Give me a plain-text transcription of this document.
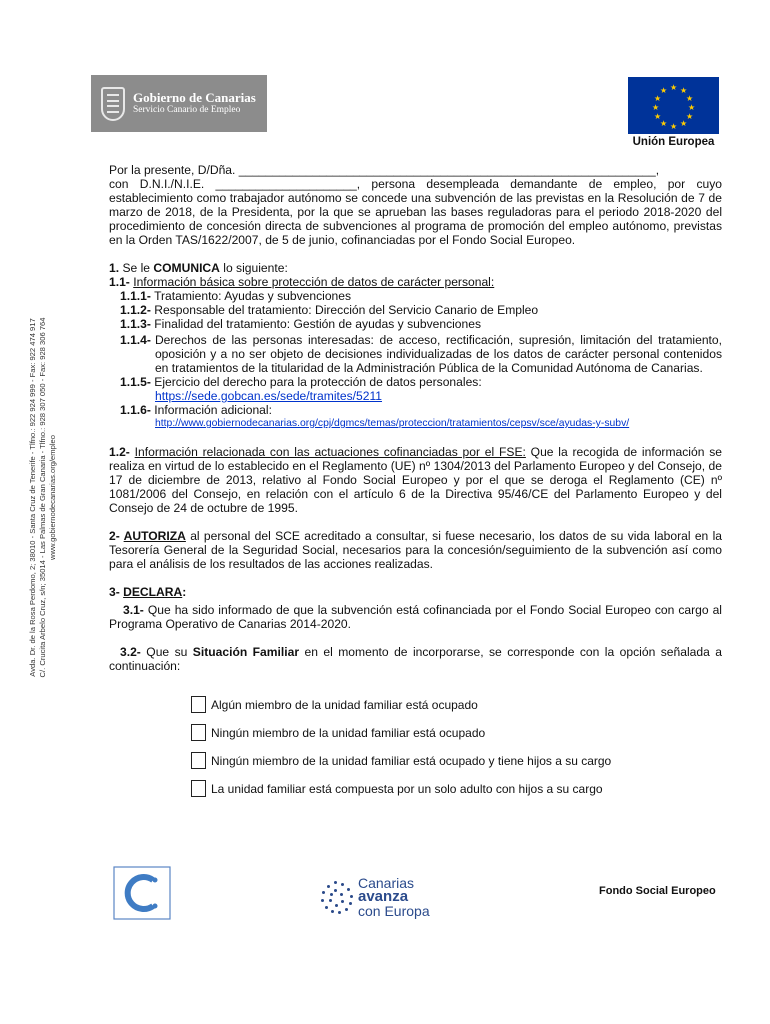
Gobierno de Canarias
Servicio Canario de Empleo
★ ★
★
★
★
★
★
★
★
★
★
★
Unión Europea
Avda. Dr. de la Rosa Perdomo, 2; 38010 - Santa Cruz de Tenerife - Tlfno.: 922 924 999 - Fax: 922 474 917 C/. Crucita Arbelo Cruz, s/n; 35014 - Las Palmas de Gran Canaria - Tlfno.: 928 307 050 - Fax: 928 306 764 www.gobiernodecanarias.org/empleo

Por la presente, D/Dña. ______________________________________________________________,

con D.N.I./N.I.E. _____________________, persona desempleada demandante de empleo, por cuyo establecimiento como trabajador autónomo se concede una subvención de las previstas en la Resolución de 7 de marzo de 2018, de la Presidenta, por la que se aprueban las bases reguladoras para el periodo 2018-2020 del procedimiento de concesión directa de subvenciones al programa de promoción del empleo autónomo, previstas en la Orden TAS/1622/2007, de 5 de junio, cofinanciadas por el Fondo Social Europeo.

1. Se le COMUNICA lo siguiente:

1.1- Información básica sobre protección de datos de carácter personal:

1.1.1- Tratamiento: Ayudas y subvenciones

1.1.2- Responsable del tratamiento: Dirección del Servicio Canario de Empleo

1.1.3- Finalidad del tratamiento: Gestión de ayudas y subvenciones

1.1.4- Derechos de las personas interesadas: de acceso, rectificación, supresión, limitación del tratamiento, oposición y a no ser objeto de decisiones individualizadas de los datos de carácter personal contenidos en tratamientos de la titularidad de la Administración Pública de la Comunidad Autónoma de Canarias.

1.1.5- Ejercicio del derecho para la protección de datos personales:

https://sede.gobcan.es/sede/tramites/5211

1.1.6- Información adicional:

http://www.gobiernodecanarias.org/cpj/dgmcs/temas/proteccion/tratamientos/cepsv/sce/ayudas-y-subv/

1.2- Información relacionada con las actuaciones cofinanciadas por el FSE: Que la recogida de información se realiza en virtud de lo establecido en el Reglamento (UE) nº 1304/2013 del Parlamento Europeo y del Consejo, de 17 de diciembre de 2013, relativo al Fondo Social Europeo y por el que se deroga el Reglamento (CE) nº 1081/2006 del Consejo, en relación con el artículo 6 de la Directiva 95/46/CE del Parlamento Europeo y del Consejo de 24 de octubre de 1995.

2- AUTORIZA al personal del SCE acreditado a consultar, si fuese necesario, los datos de su vida laboral en la Tesorería General de la Seguridad Social, necesarios para la concesión/seguimiento de la subvención así como para el análisis de los resultados de las acciones realizadas.

3- DECLARA:

3.1- Que ha sido informado de que la subvención está cofinanciada por el Fondo Social Europeo con cargo al Programa Operativo de Canarias 2014-2020.

3.2- Que su Situación Familiar en el momento de incorporarse, se corresponde con la opción señalada a continuación:

Algún miembro de la unidad familiar está ocupado
Ningún miembro de la unidad familiar está ocupado
Ningún miembro de la unidad familiar está ocupado y tiene hijos a su cargo
La unidad familiar está compuesta por un solo adulto con hijos a su cargo
Canarias
avanza
con Europa
Fondo Social Europeo
